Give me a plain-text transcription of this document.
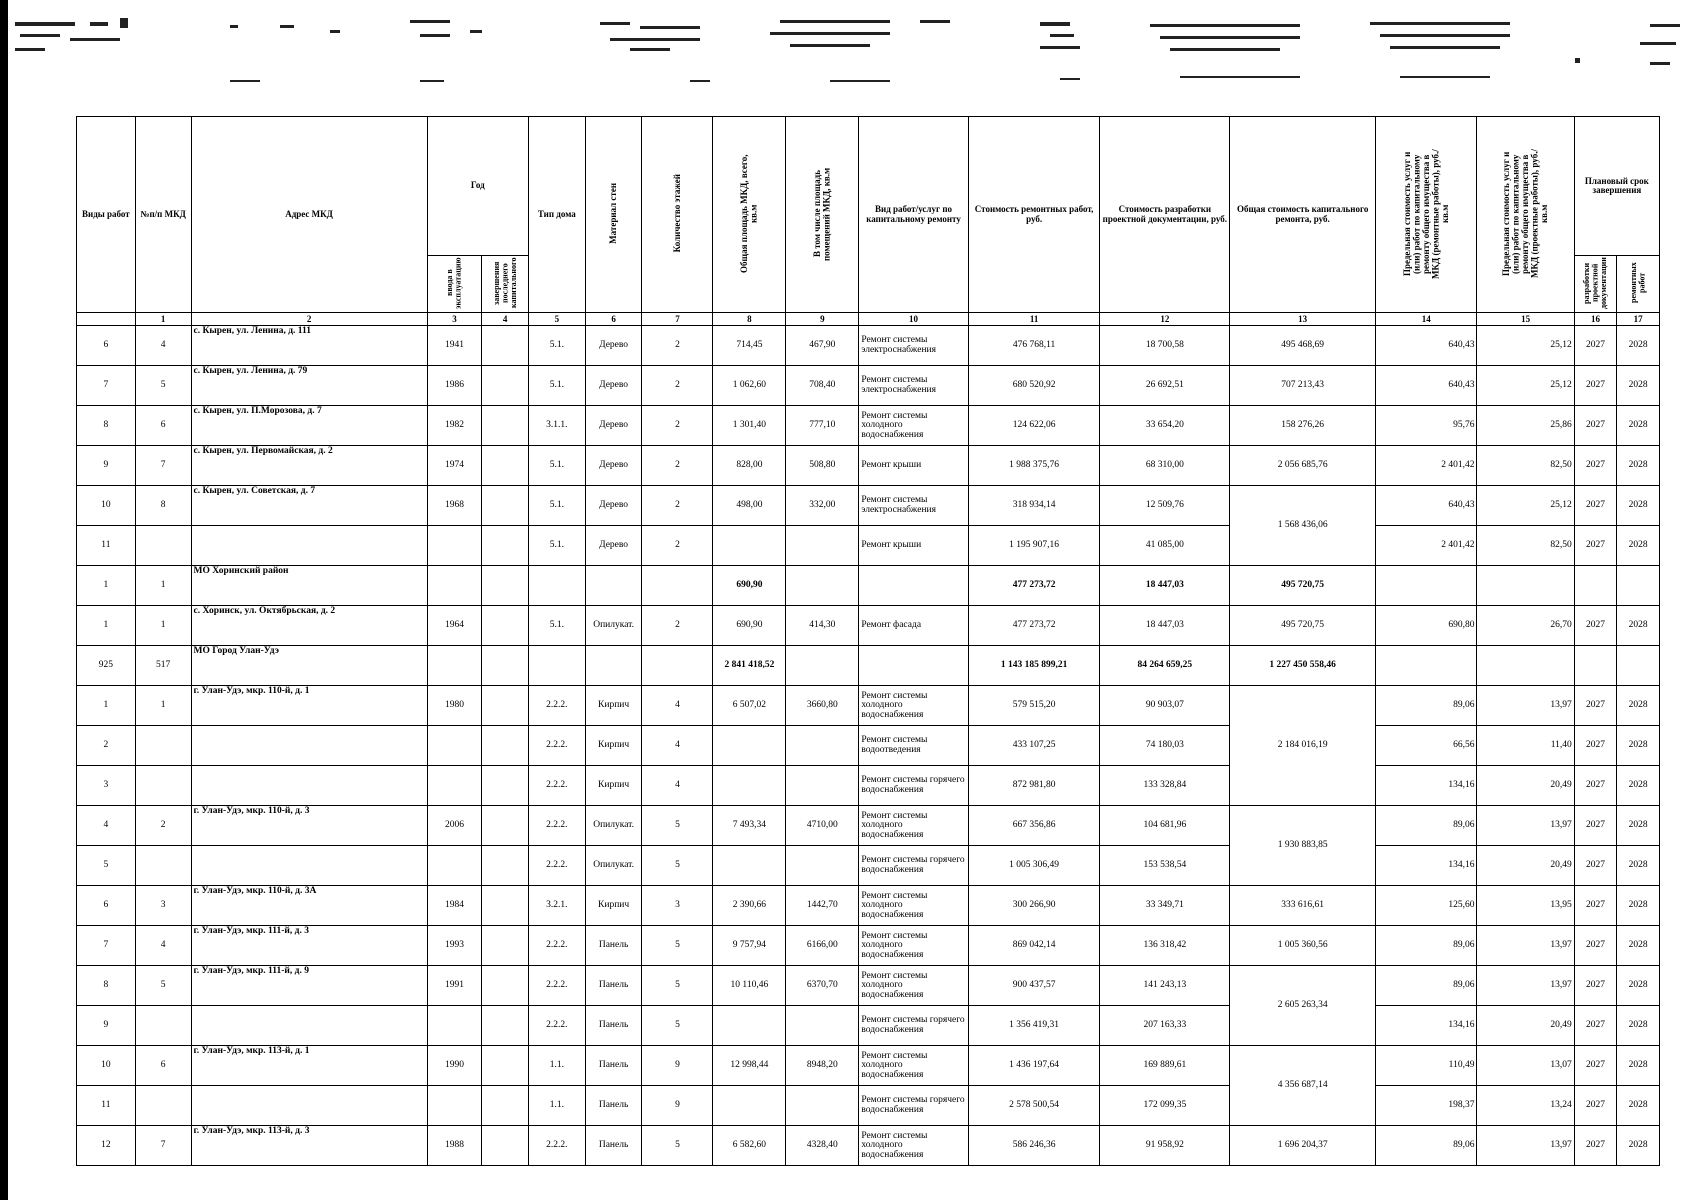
Виды работ	№п/п МКД	Адрес МКД	Год		Тип дома	Материал стен	Количество этажей	Общая площадь МКД, всего, кв.м	В том числе площадь помещений МКД, кв.м	Вид работ/услуг по капитальному ремонту	Стоимость ремонтных работ, руб.	Стоимость разработки проектной документации, руб.	Общая стоимость капитального ремонта, руб.	Предельная стоимость услуг и (или) работ по капитальному ремонту общего имущества в МКД (ремонтные работы), руб./кв.м	Предельная стоимость услуг и (или) работ по капитальному ремонту общего имущества в МКД (проектные работы), руб./кв.м	Плановый срок завершения	
			ввода в эксплуатацию	завершения последнего капитального												разработки проектной документации	ремонтных работ
	1	2	3	4	5	6	7	8	9	10	11	12	13	14	15	16	17
6	4	с. Кырен, ул. Ленина, д. 111	1941		5.1.	Дерево	2	714,45	467,90	Ремонт системы электроснабжения	476 768,11	18 700,58	495 468,69	640,43	25,12	2027	2028
7	5	с. Кырен, ул. Ленина, д. 79	1986		5.1.	Дерево	2	1 062,60	708,40	Ремонт системы электроснабжения	680 520,92	26 692,51	707 213,43	640,43	25,12	2027	2028
8	6	с. Кырен, ул. П.Морозова, д. 7	1982		3.1.1.	Дерево	2	1 301,40	777,10	Ремонт системы холодного водоснабжения	124 622,06	33 654,20	158 276,26	95,76	25,86	2027	2028
9	7	с. Кырен, ул. Первомайская, д. 2	1974		5.1.	Дерево	2	828,00	508,80	Ремонт крыши	1 988 375,76	68 310,00	2 056 685,76	2 401,42	82,50	2027	2028
10	8	с. Кырен, ул. Советская, д. 7	1968		5.1.	Дерево	2	498,00	332,00	Ремонт системы электроснабжения	318 934,14	12 509,76	1 568 436,06	640,43	25,12	2027	2028
11					5.1.	Дерево	2			Ремонт крыши	1 195 907,16	41 085,00		2 401,42	82,50	2027	2028
1	1	МО Хоринский район						690,90			477 273,72	18 447,03	495 720,75				
1	1	с. Хоринск, ул. Октябрьская, д. 2	1964		5.1.	Опилукат.	2	690,90	414,30	Ремонт фасада	477 273,72	18 447,03	495 720,75	690,80	26,70	2027	2028
925	517	МО Город Улан-Удэ						2 841 418,52			1 143 185 899,21	84 264 659,25	1 227 450 558,46				
1	1	г. Улан-Удэ, мкр. 110-й, д. 1	1980		2.2.2.	Кирпич	4	6 507,02	3660,80	Ремонт системы холодного водоснабжения	579 515,20	90 903,07	2 184 016,19	89,06	13,97	2027	2028
2					2.2.2.	Кирпич	4			Ремонт системы водоотведения	433 107,25	74 180,03		66,56	11,40	2027	2028
3					2.2.2.	Кирпич	4			Ремонт системы горячего водоснабжения	872 981,80	133 328,84		134,16	20,49	2027	2028
4	2	г. Улан-Удэ, мкр. 110-й, д. 3	2006		2.2.2.	Опилукат.	5	7 493,34	4710,00	Ремонт системы холодного водоснабжения	667 356,86	104 681,96	1 930 883,85	89,06	13,97	2027	2028
5					2.2.2.	Опилукат.	5			Ремонт системы горячего водоснабжения	1 005 306,49	153 538,54		134,16	20,49	2027	2028
6	3	г. Улан-Удэ, мкр. 110-й, д. 3А	1984		3.2.1.	Кирпич	3	2 390,66	1442,70	Ремонт системы холодного водоснабжения	300 266,90	33 349,71	333 616,61	125,60	13,95	2027	2028
7	4	г. Улан-Удэ, мкр. 111-й, д. 3	1993		2.2.2.	Панель	5	9 757,94	6166,00	Ремонт системы холодного водоснабжения	869 042,14	136 318,42	1 005 360,56	89,06	13,97	2027	2028
8	5	г. Улан-Удэ, мкр. 111-й, д. 9	1991		2.2.2.	Панель	5	10 110,46	6370,70	Ремонт системы холодного водоснабжения	900 437,57	141 243,13	2 605 263,34	89,06	13,97	2027	2028
9					2.2.2.	Панель	5			Ремонт системы горячего водоснабжения	1 356 419,31	207 163,33		134,16	20,49	2027	2028
10	6	г. Улан-Удэ, мкр. 113-й, д. 1	1990		1.1.	Панель	9	12 998,44	8948,20	Ремонт системы холодного водоснабжения	1 436 197,64	169 889,61	4 356 687,14	110,49	13,07	2027	2028
11					1.1.	Панель	9			Ремонт системы горячего водоснабжения	2 578 500,54	172 099,35		198,37	13,24	2027	2028
12	7	г. Улан-Удэ, мкр. 113-й, д. 3	1988		2.2.2.	Панель	5	6 582,60	4328,40	Ремонт системы холодного водоснабжения	586 246,36	91 958,92	1 696 204,37	89,06	13,97	2027	2028
